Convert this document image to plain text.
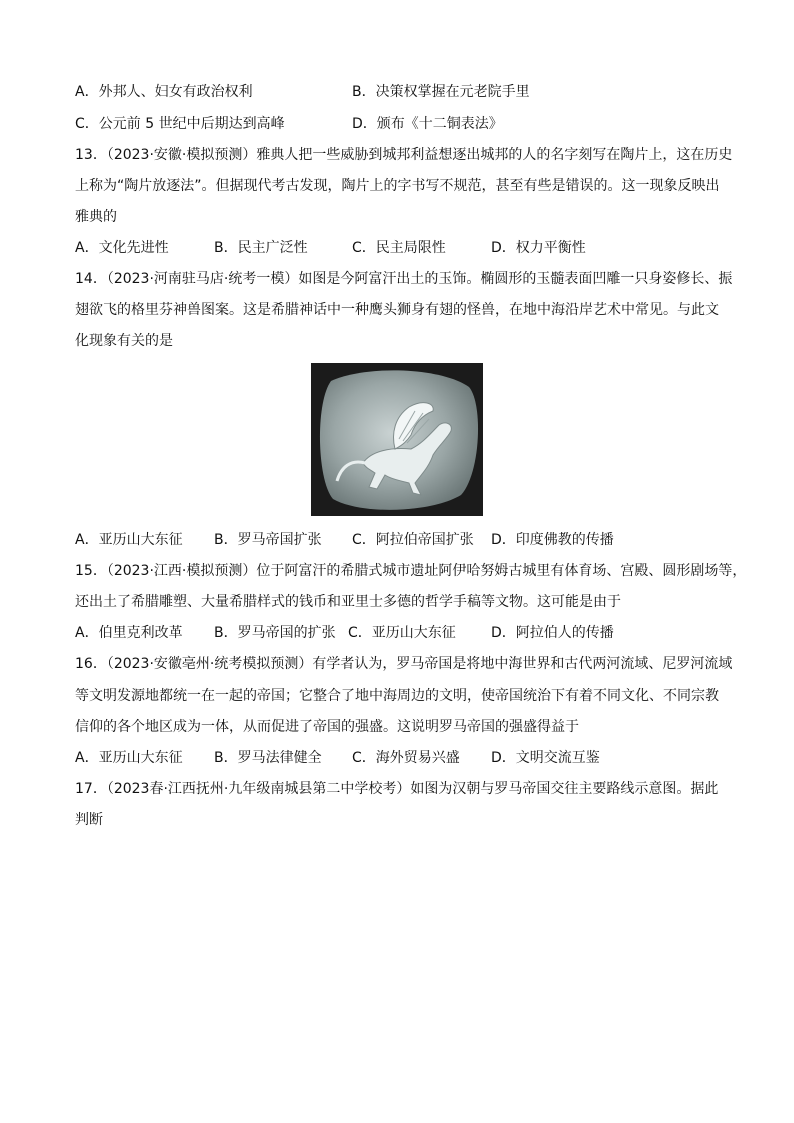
A．外邦人、妇女有政治权利	B．决策权掌握在元老院手里
C．公元前 5 世纪中后期达到高峰	D．颁布《十二铜表法》
13．（2023·安徽·模拟预测）雅典人把一些威胁到城邦利益想逐出城邦的人的名字刻写在陶片上，这在历史
上称为“陶片放逐法”。但据现代考古发现，陶片上的字书写不规范，甚至有些是错误的。这一现象反映出
雅典的
A．文化先进性	B．民主广泛性	C．民主局限性	D．权力平衡性
14．（2023·河南驻马店·统考一模）如图是今阿富汗出土的玉饰。椭圆形的玉髓表面凹雕一只身姿修长、振
翅欲飞的格里芬神兽图案。这是希腊神话中一种鹰头狮身有翅的怪兽，在地中海沿岸艺术中常见。与此文
化现象有关的是
A．亚历山大东征 B．罗马帝国扩张 C．阿拉伯帝国扩张 D．印度佛教的传播
15．（2023·江西·模拟预测）位于阿富汗的希腊式城市遗址阿伊哈努姆古城里有体育场、宫殿、圆形剧场等，
还出土了希腊雕塑、大量希腊样式的钱币和亚里士多德的哲学手稿等文物。这可能是由于
A．伯里克利改革 B．罗马帝国的扩张 C．亚历山大东征	D．阿拉伯人的传播
16．（2023·安徽亳州·统考模拟预测）有学者认为，罗马帝国是将地中海世界和古代两河流域、尼罗河流域
等文明发源地都统一在一起的帝国；它整合了地中海周边的文明，使帝国统治下有着不同文化、不同宗教
信仰的各个地区成为一体，从而促进了帝国的强盛。这说明罗马帝国的强盛得益于
A．亚历山大东征 B．罗马法律健全 C．海外贸易兴盛 D．文明交流互鉴
17．（2023春·江西抚州·九年级南城县第二中学校考）如图为汉朝与罗马帝国交往主要路线示意图。据此
判断
